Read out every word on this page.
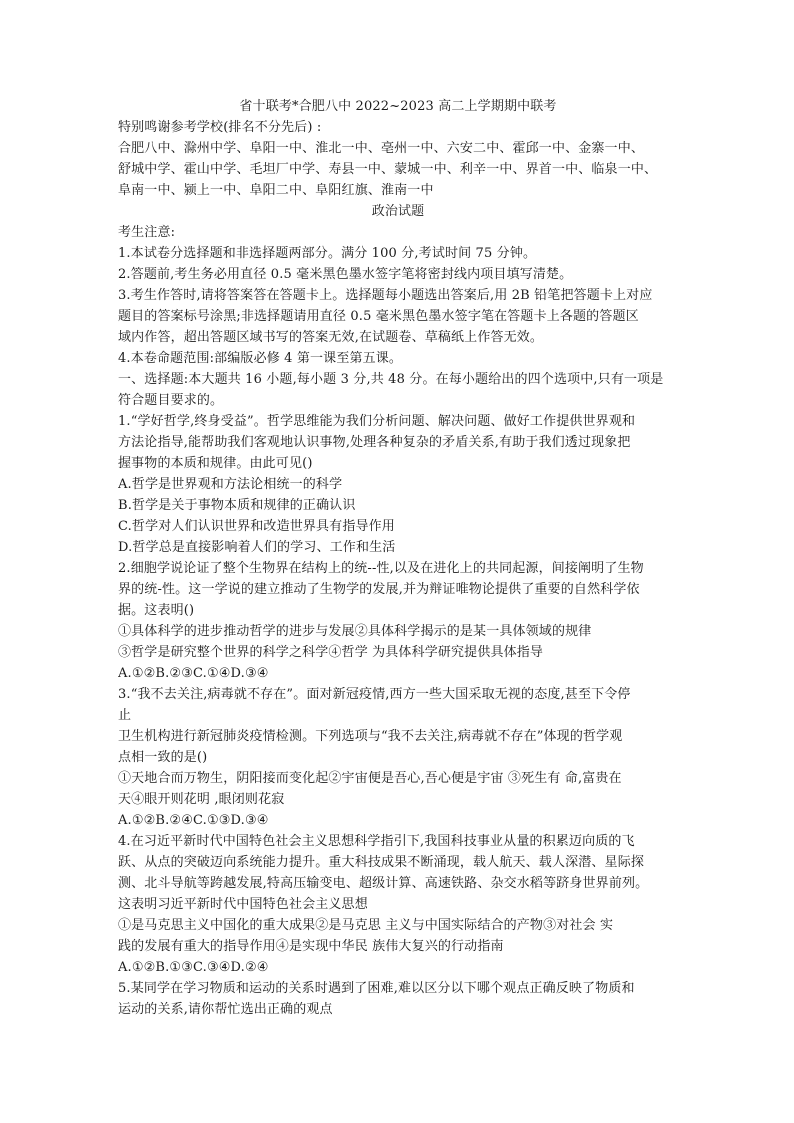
省十联考*合肥八中 2022~2023 高二上学期期中联考
特别鸣谢参考学校(排名不分先后) :
合肥八中、滁州中学、阜阳一中、淮北一中、亳州一中、六安二中、霍邱一中、金寨一中、
舒城中学、霍山中学、毛坦厂中学、寿县一中、蒙城一中、利辛一中、界首一中、临泉一中、
阜南一中、颍上一中、阜阳二中、阜阳红旗、淮南一中
政治试题
考生注意:
1.本试卷分选择题和非选择题两部分。满分 100 分,考试时间 75 分钟。
2.答题前,考生务必用直径 0.5 毫米黑色墨水签字笔将密封线内项目填写清楚。
3.考生作答时,请将答案答在答题卡上。选择题每小题选出答案后,用 2B 铅笔把答题卡上对应
题目的答案标号涂黑;非选择题请用直径 0.5 毫米黑色墨水签字笔在答题卡上各题的答题区
域内作答，超出答题区域书写的答案无效,在试题卷、草稿纸上作答无效。
4.本卷命题范围:部编版必修 4 第一课至第五课。
一、选择题:本大题共 16 小题,每小题 3 分,共 48 分。在每小题给出的四个选项中,只有一项是
符合题目要求的。
1.“学好哲学,终身受益”。哲学思维能为我们分析问题、解决问题、做好工作提供世界观和
方法论指导,能帮助我们客观地认识事物,处理各种复杂的矛盾关系,有助于我们透过现象把
握事物的本质和规律。由此可见()
A.哲学是世界观和方法论相统一的科学
B.哲学是关于事物本质和规律的正确认识
C.哲学对人们认识世界和改造世界具有指导作用
D.哲学总是直接影响着人们的学习、工作和生活
2.细胞学说论证了整个生物界在结构上的统--性,以及在进化上的共同起源，间接阐明了生物
界的统-性。这一学说的建立推动了生物学的发展,并为辩证唯物论提供了重要的自然科学依
据。这表明()
①具体科学的进步推动哲学的进步与发展②具体科学揭示的是某一具体领域的规律
③哲学是研究整个世界的科学之科学④哲学 为具体科学研究提供具体指导
A.①②B.②③C.①④D.③④
3.“我不去关注,病毒就不存在”。面对新冠疫情,西方一些大国采取无视的态度,甚至下令停
止
卫生机构进行新冠肺炎疫情检测。下列选项与“我不去关注,病毒就不存在”体现的哲学观
点相一致的是()
①天地合而万物生，阴阳接而变化起②宇宙便是吾心,吾心便是宇宙 ③死生有 命,富贵在
天④眼开则花明 ,眼闭则花寂
A.①②B.②④C.①③D.③④
4.在习近平新时代中国特色社会主义思想科学指引下,我国科技事业从量的积累迈向质的飞
跃、从点的突破迈向系统能力提升。重大科技成果不断涌现，载人航天、载人深潜、星际探
测、北斗导航等跨越发展,特高压输变电、超级计算、高速铁路、杂交水稻等跻身世界前列。
这表明习近平新时代中国特色社会主义思想
①是马克思主义中国化的重大成果②是马克思 主义与中国实际结合的产物③对社会 实
践的发展有重大的指导作用④是实现中华民 族伟大复兴的行动指南
A.①②B.①③C.③④D.②④
5.某同学在学习物质和运动的关系时遇到了困难,难以区分以下哪个观点正确反映了物质和
运动的关系,请你帮忙选出正确的观点
